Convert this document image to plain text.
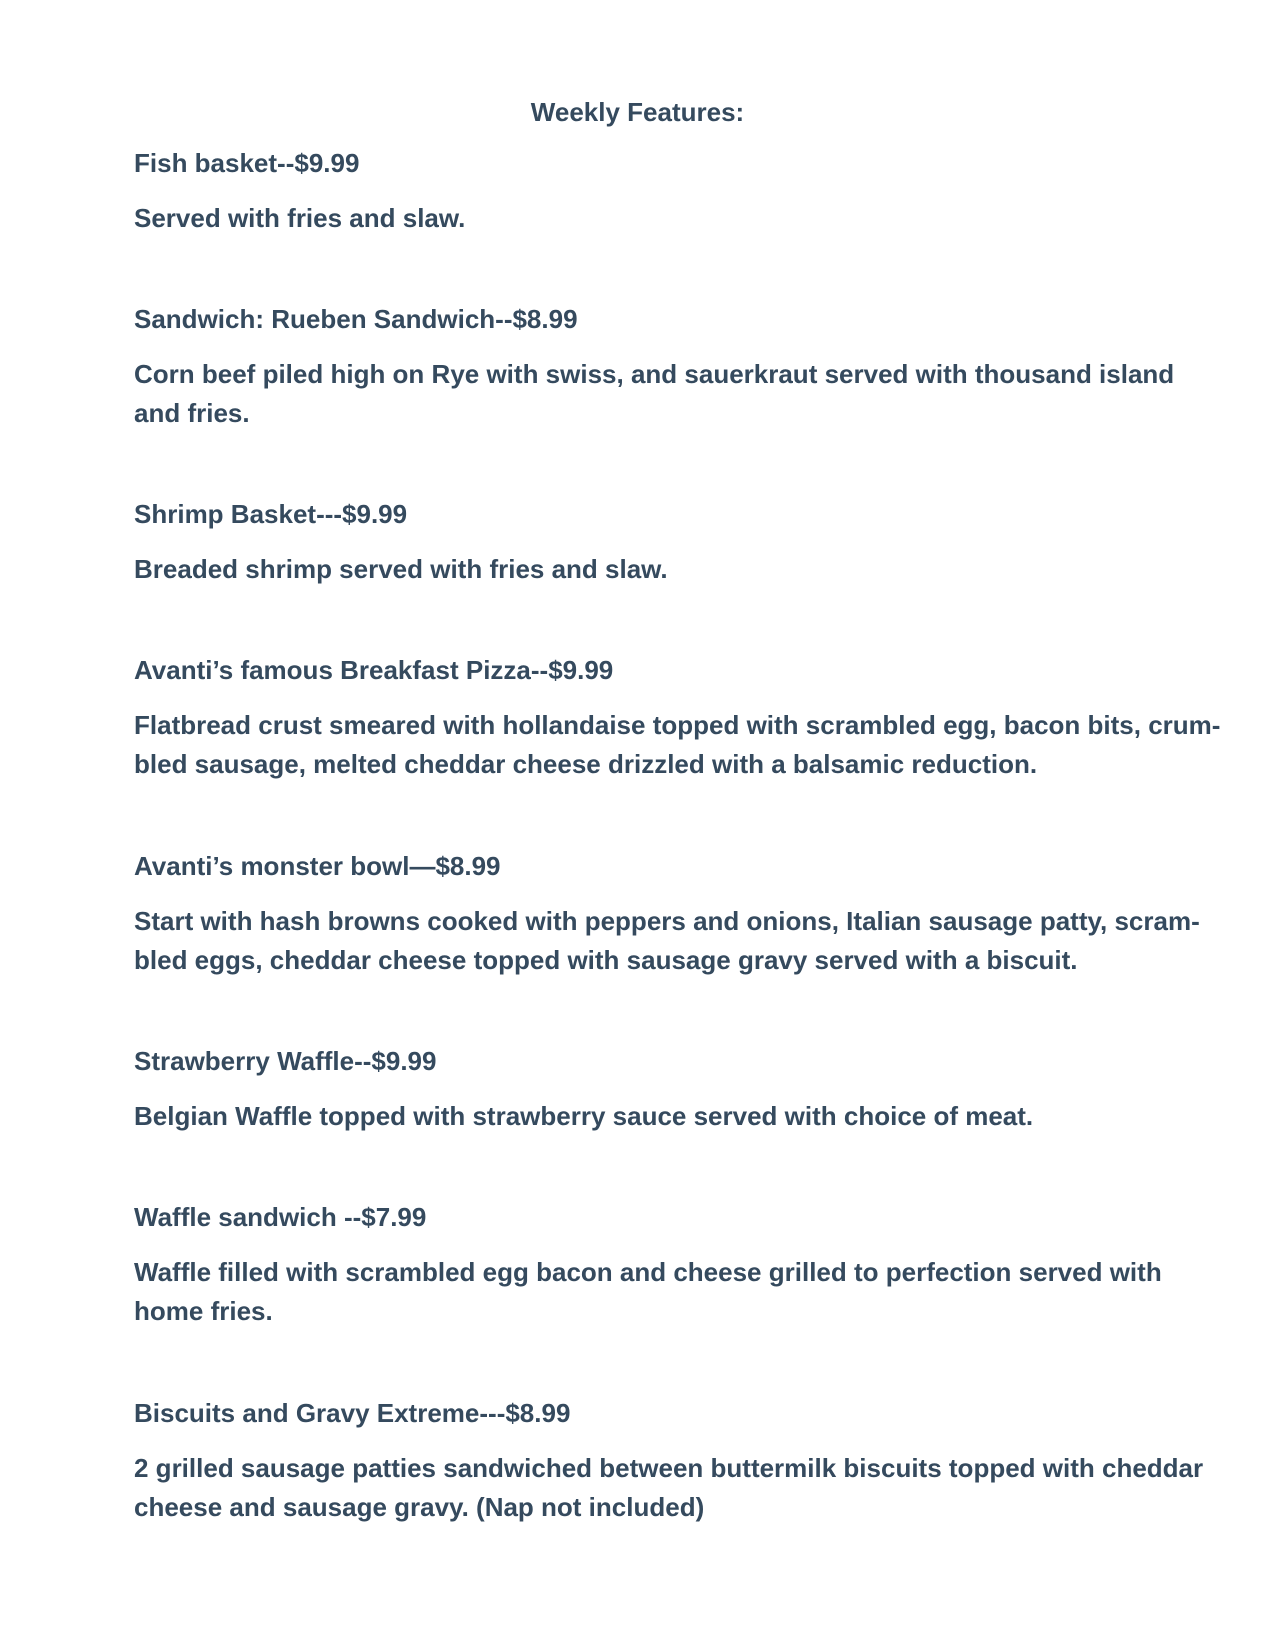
Weekly Features:

Fish basket--$9.99

Served with fries and slaw.

Sandwich: Rueben Sandwich--$8.99

Corn beef piled high on Rye with swiss, and sauerkraut served with thousand island
and fries.

Shrimp Basket---$9.99

Breaded shrimp served with fries and slaw.

Avanti’s famous Breakfast Pizza--$9.99

Flatbread crust smeared with hollandaise topped with scrambled egg, bacon bits, crum-
bled sausage, melted cheddar cheese drizzled with a balsamic reduction.

Avanti’s monster bowl—$8.99

Start with hash browns cooked with peppers and onions, Italian sausage patty, scram-
bled eggs, cheddar cheese topped with sausage gravy served with a biscuit.

Strawberry Waffle--$9.99

Belgian Waffle topped with strawberry sauce served with choice of meat.

Waffle sandwich --$7.99

Waffle filled with scrambled egg bacon and cheese grilled to perfection served with
home fries.

Biscuits and Gravy Extreme---$8.99

2 grilled sausage patties sandwiched between buttermilk biscuits topped with cheddar
cheese and sausage gravy. (Nap not included)
